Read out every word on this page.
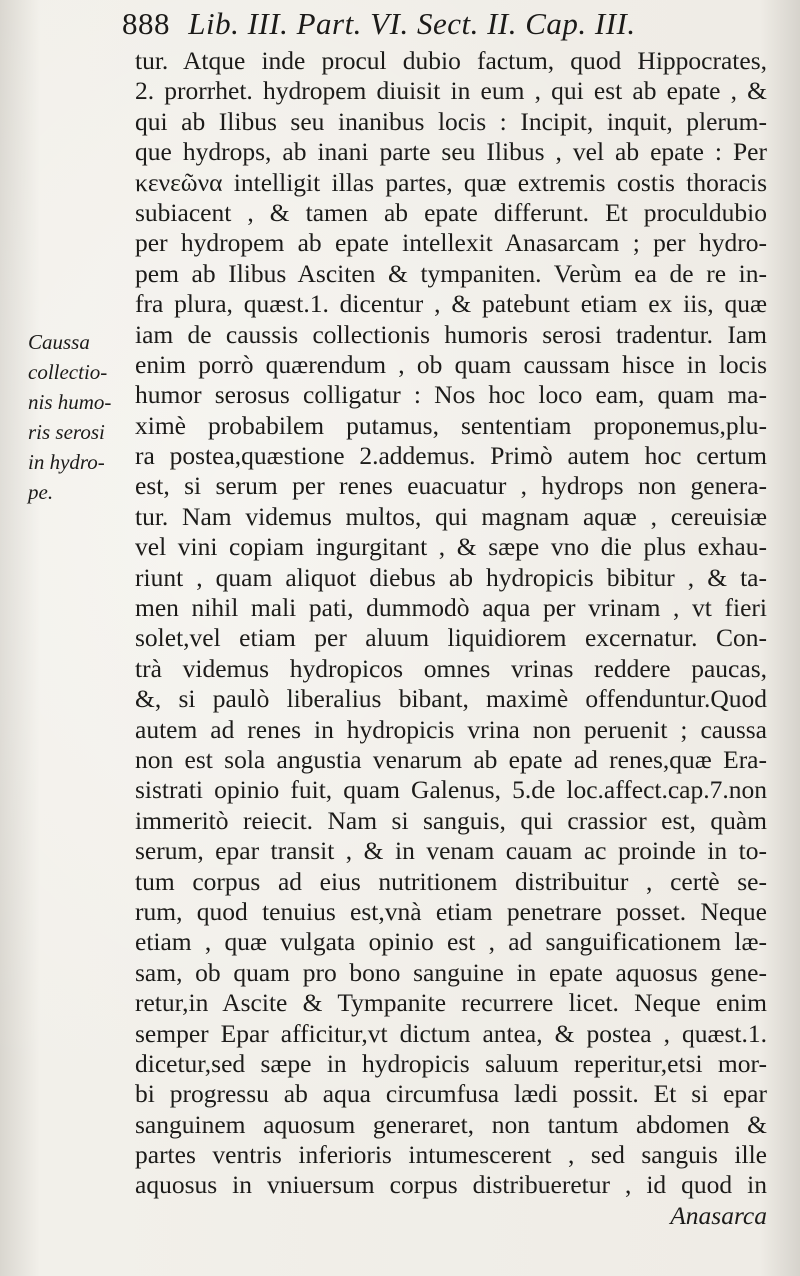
888 Lib. III. Part. VI. Sect. II. Cap. III.
Caussa
collectio-
nis humo-
ris serosi
in hydro-
pe.
tur. Atque inde procul dubio factum, quod Hippocrates,
2. prorrhet. hydropem diuisit in eum , qui est ab epate , &
qui ab Ilibus seu inanibus locis : Incipit, inquit, plerum-
que hydrops, ab inani parte seu Ilibus , vel ab epate : Per
κενεῶνα intelligit illas partes, quæ extremis costis thoracis
subiacent , & tamen ab epate differunt. Et proculdubio
per hydropem ab epate intellexit Anasarcam ; per hydro-
pem ab Ilibus Asciten & tympaniten. Verùm ea de re in-
fra plura, quæst.1. dicentur , & patebunt etiam ex iis, quæ
iam de caussis collectionis humoris serosi tradentur. Iam
enim porrò quærendum , ob quam caussam hisce in locis
humor serosus colligatur : Nos hoc loco eam, quam ma-
ximè probabilem putamus, sententiam proponemus,plu-
ra postea,quæstione 2.addemus. Primò autem hoc certum
est, si serum per renes euacuatur , hydrops non genera-
tur. Nam videmus multos, qui magnam aquæ , cereuisiæ
vel vini copiam ingurgitant , & sæpe vno die plus exhau-
riunt , quam aliquot diebus ab hydropicis bibitur , & ta-
men nihil mali pati, dummodò aqua per vrinam , vt fieri
solet,vel etiam per aluum liquidiorem excernatur. Con-
trà videmus hydropicos omnes vrinas reddere paucas,
&, si paulò liberalius bibant, maximè offenduntur.Quod
autem ad renes in hydropicis vrina non peruenit ; caussa
non est sola angustia venarum ab epate ad renes,quæ Era-
sistrati opinio fuit, quam Galenus, 5.de loc.affect.cap.7.non
immeritò reiecit. Nam si sanguis, qui crassior est, quàm
serum, epar transit , & in venam cauam ac proinde in to-
tum corpus ad eius nutritionem distribuitur , certè se-
rum, quod tenuius est,vnà etiam penetrare posset. Neque
etiam , quæ vulgata opinio est , ad sanguificationem læ-
sam, ob quam pro bono sanguine in epate aquosus gene-
retur,in Ascite & Tympanite recurrere licet. Neque enim
semper Epar afficitur,vt dictum antea, & postea , quæst.1.
dicetur,sed sæpe in hydropicis saluum reperitur,etsi mor-
bi progressu ab aqua circumfusa lædi possit. Et si epar
sanguinem aquosum generaret, non tantum abdomen &
partes ventris inferioris intumescerent , sed sanguis ille
aquosus in vniuersum corpus distribueretur , id quod in
Anasarca
